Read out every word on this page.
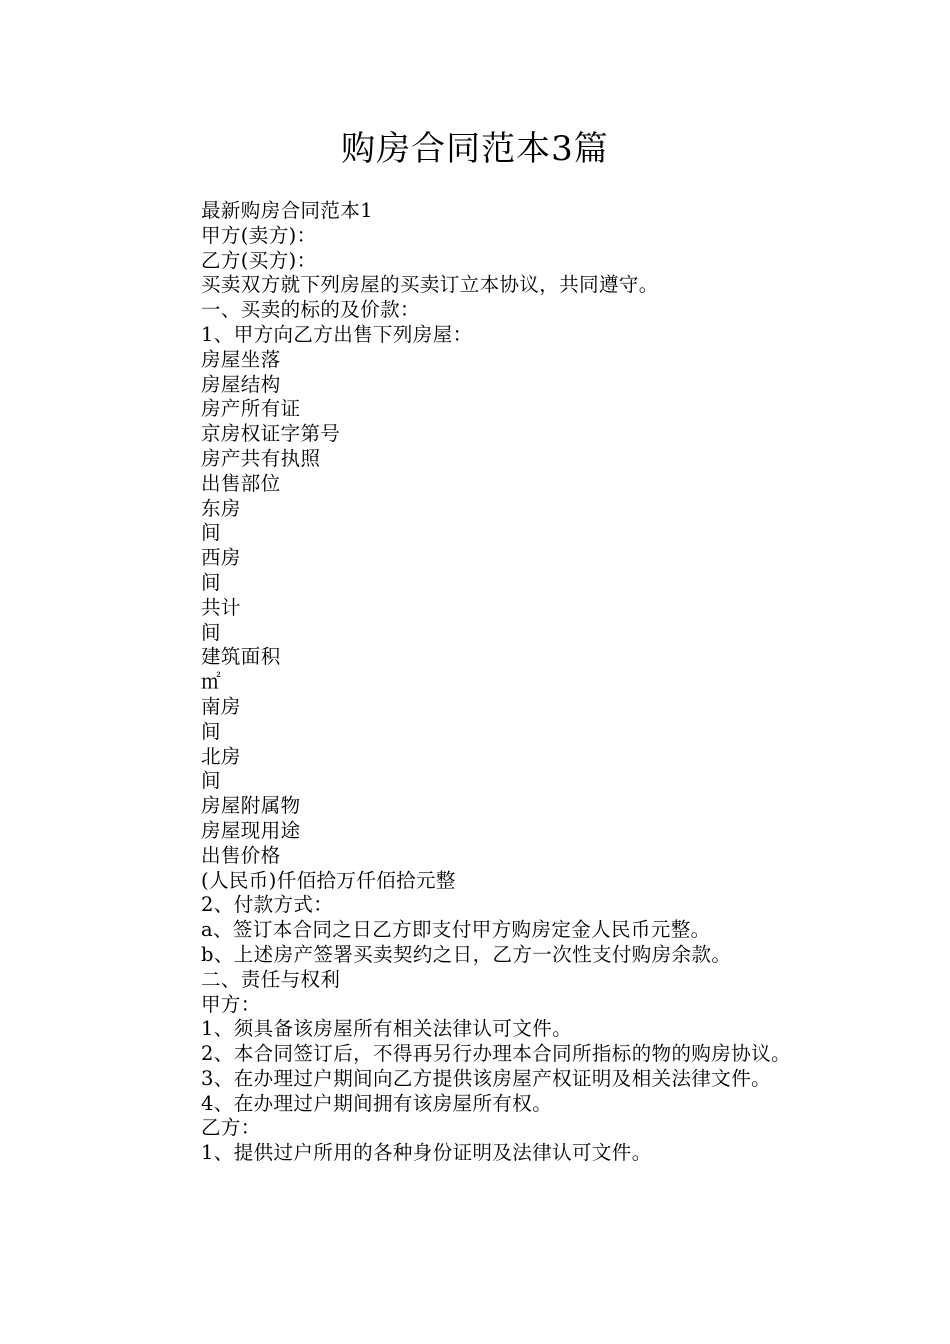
购房合同范本3篇

最新购房合同范本1

甲方(卖方)：

乙方(买方)：

买卖双方就下列房屋的买卖订立本协议，共同遵守。

一、买卖的标的及价款：

1、甲方向乙方出售下列房屋：

房屋坐落

房屋结构

房产所有证

京房权证字第号

房产共有执照

出售部位

东房

间

西房

间

共计

间

建筑面积

㎡

南房

间

北房

间

房屋附属物

房屋现用途

出售价格

(人民币)仟佰拾万仟佰拾元整

2、付款方式：

a、签订本合同之日乙方即支付甲方购房定金人民币元整。

b、上述房产签署买卖契约之日，乙方一次性支付购房余款。

二、责任与权利

甲方：

1、须具备该房屋所有相关法律认可文件。

2、本合同签订后，不得再另行办理本合同所指标的物的购房协议。

3、在办理过户期间向乙方提供该房屋产权证明及相关法律文件。

4、在办理过户期间拥有该房屋所有权。

乙方：

1、提供过户所用的各种身份证明及法律认可文件。
